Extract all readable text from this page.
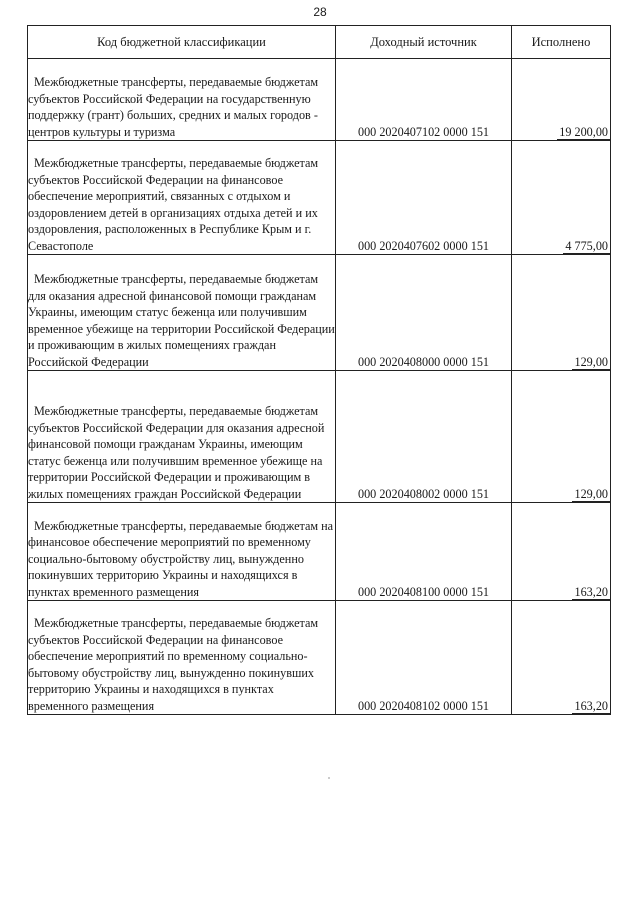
28
Код бюджетной классификации	Доходный источник	Исполнено
Межбюджетные трансферты, передаваемые бюджетам субъектов Российской Федерации на государственную поддержку (грант) больших, средних и малых городов - центров культуры и туризма	000 2020407102 0000 151	19 200,00
Межбюджетные трансферты, передаваемые бюджетам субъектов Российской Федерации на финансовое обеспечение мероприятий, связанных с отдыхом и оздоровлением детей в организациях отдыха детей и их оздоровления, расположенных в Республике Крым и г. Севастополе	000 2020407602 0000 151	4 775,00
Межбюджетные трансферты, передаваемые бюджетам для оказания адресной финансовой помощи гражданам Украины, имеющим статус беженца или получившим временное убежище на территории Российской Федерации и проживающим в жилых помещениях граждан Российской Федерации	000 2020408000 0000 151	129,00
Межбюджетные трансферты, передаваемые бюджетам субъектов Российской Федерации для оказания адресной финансовой помощи гражданам Украины, имеющим статус беженца или получившим временное убежище на территории Российской Федерации и проживающим в жилых помещениях граждан Российской Федерации	000 2020408002 0000 151	129,00
Межбюджетные трансферты, передаваемые бюджетам на финансовое обеспечение мероприятий по временному социально-бытовому обустройству лиц, вынужденно покинувших территорию Украины и находящихся в пунктах временного размещения	000 2020408100 0000 151	163,20
Межбюджетные трансферты, передаваемые бюджетам субъектов Российской Федерации на финансовое обеспечение мероприятий по временному социально-бытовому обустройству лиц, вынужденно покинувших территорию Украины и находящихся в пунктах временного размещения	000 2020408102 0000 151	163,20
